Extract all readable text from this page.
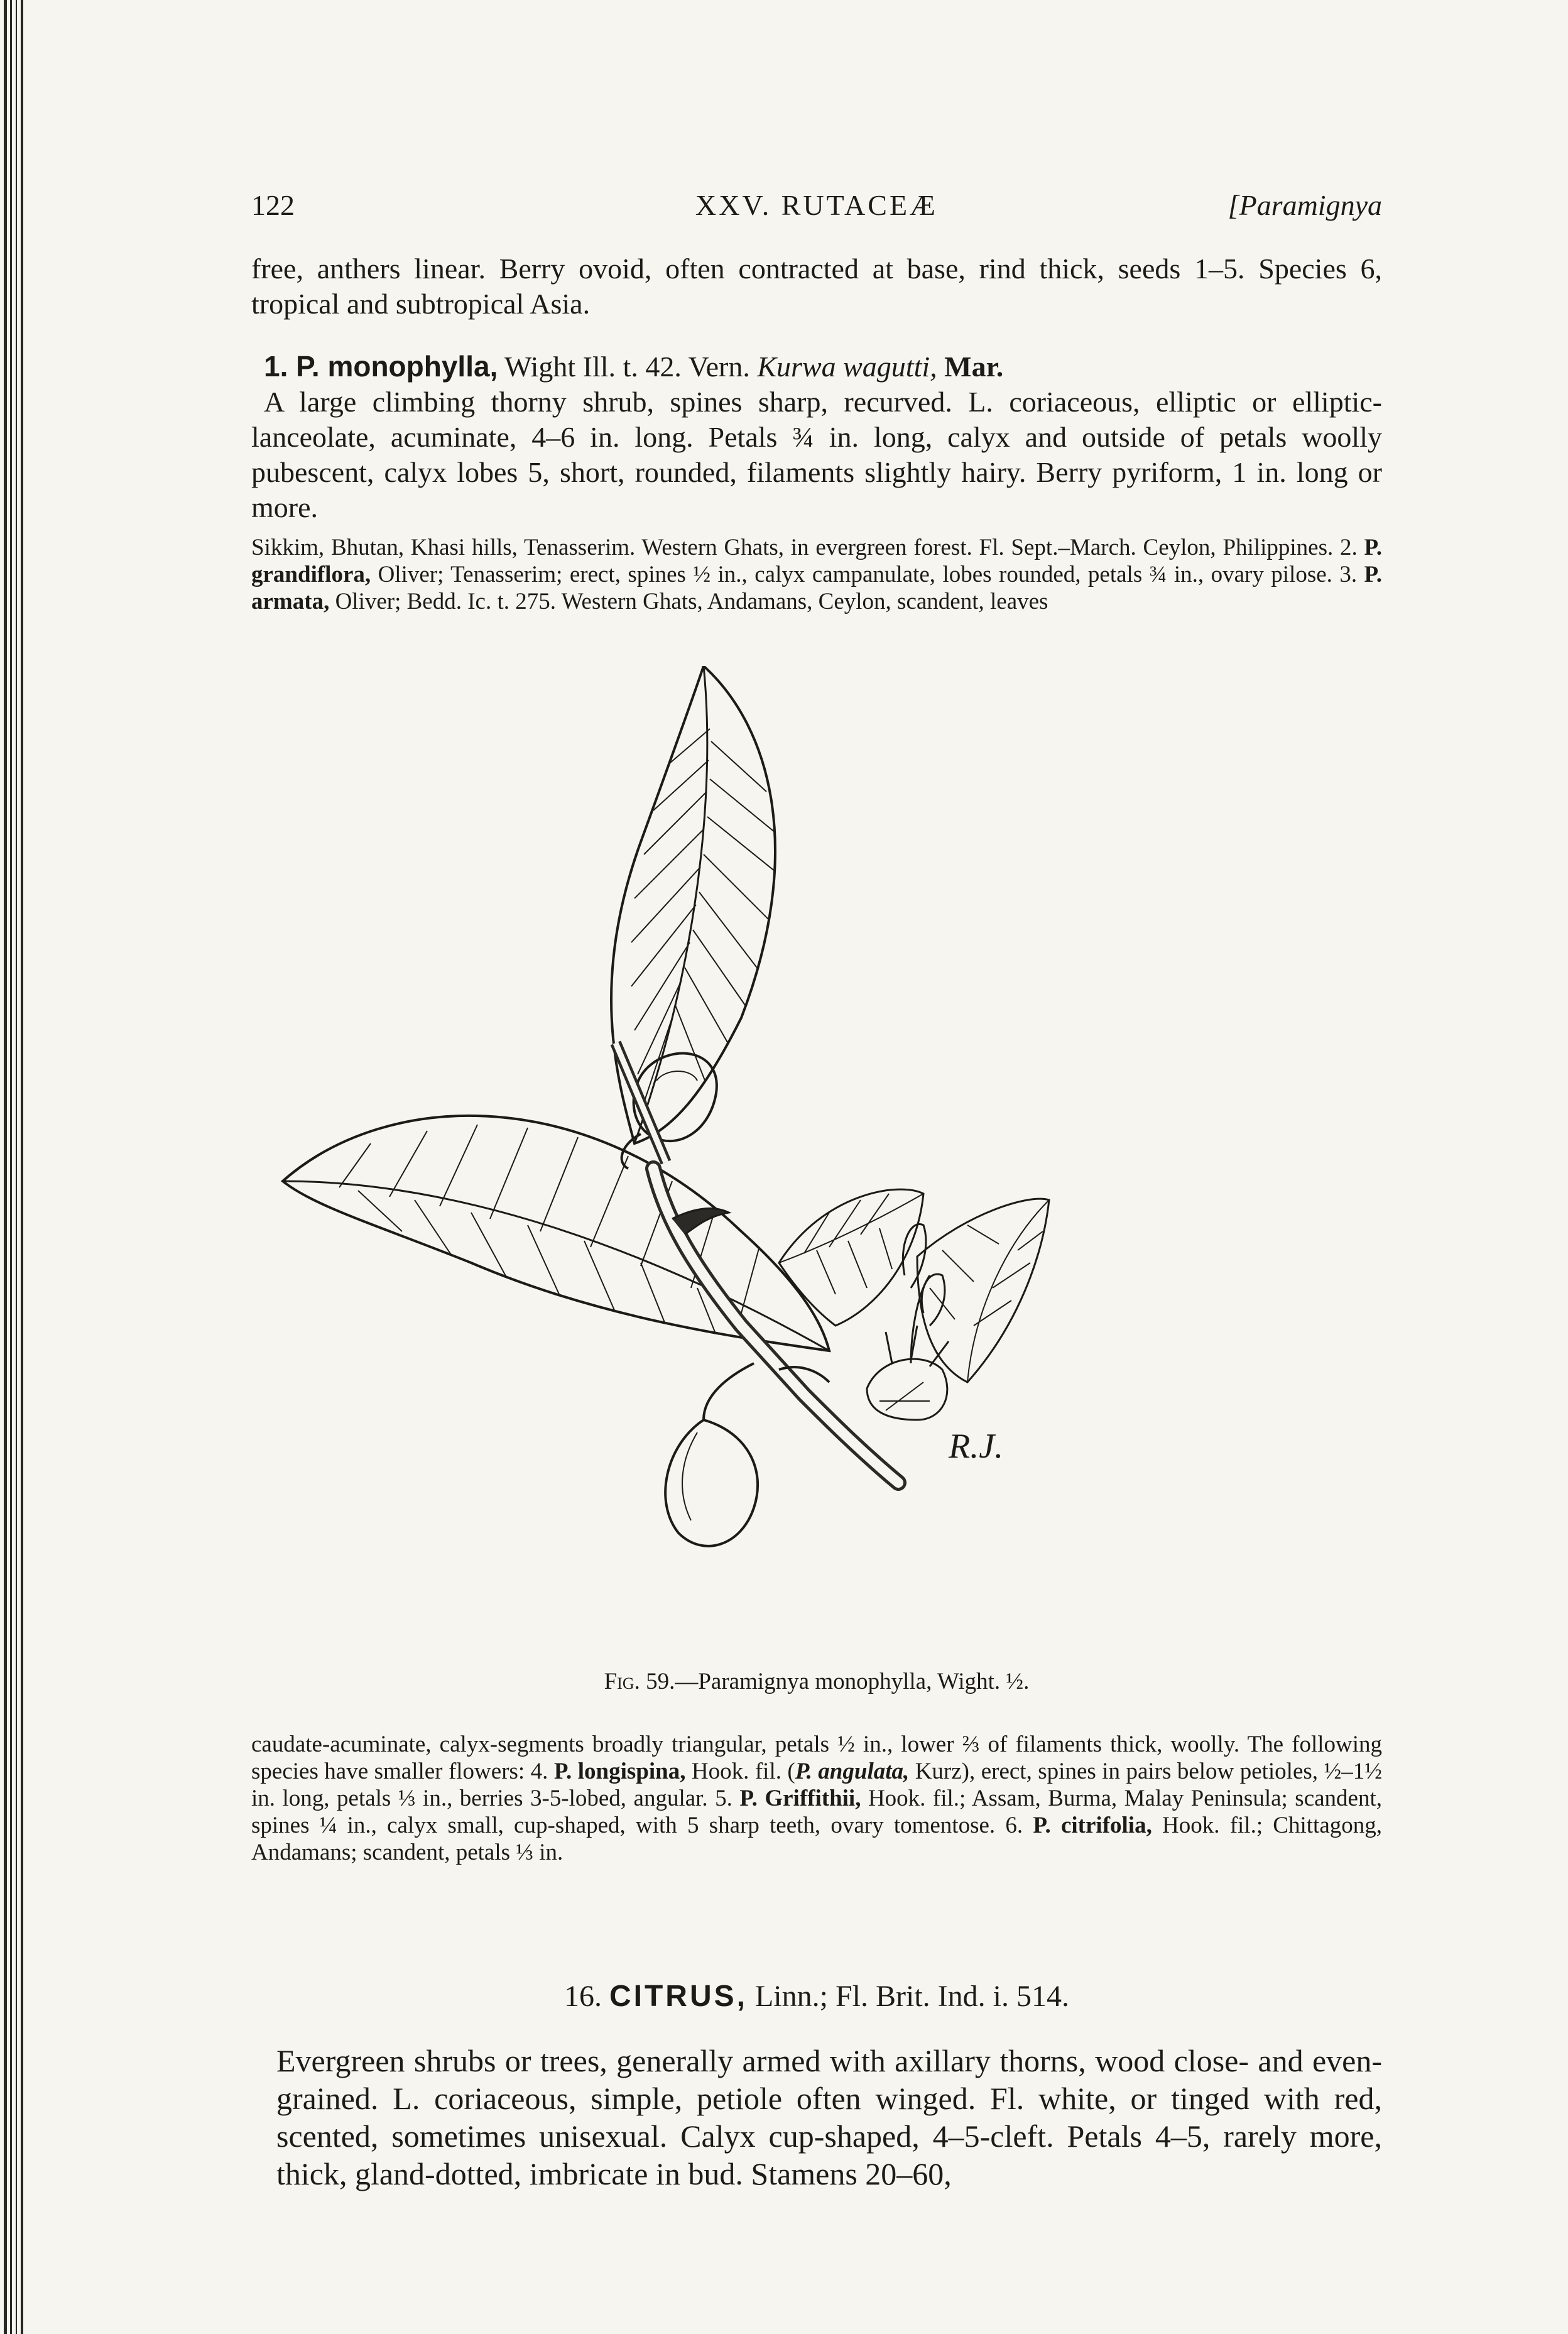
122	XXV. RUTACEÆ	[Paramignya

free, anthers linear. Berry ovoid, often contracted at base, rind thick, seeds 1–5. Species 6, tropical and subtropical Asia.

1. P. monophylla, Wight Ill. t. 42. Vern. Kurwa wagutti, Mar.
A large climbing thorny shrub, spines sharp, recurved. L. coriaceous, elliptic or elliptic-lanceolate, acuminate, 4–6 in. long. Petals ¾ in. long, calyx and outside of petals woolly pubescent, calyx lobes 5, short, rounded, filaments slightly hairy. Berry pyriform, 1 in. long or more.

Sikkim, Bhutan, Khasi hills, Tenasserim. Western Ghats, in evergreen forest. Fl. Sept.–March. Ceylon, Philippines. 2. P. grandiflora, Oliver; Tenasserim; erect, spines ½ in., calyx campanulate, lobes rounded, petals ¾ in., ovary pilose. 3. P. armata, Oliver; Bedd. Ic. t. 275. Western Ghats, Andamans, Ceylon, scandent, leaves

R.J.
Fig. 59.—Paramignya monophylla, Wight. ½.

caudate-acuminate, calyx-segments broadly triangular, petals ½ in., lower ⅔ of filaments thick, woolly. The following species have smaller flowers: 4. P. longispina, Hook. fil. (P. angulata, Kurz), erect, spines in pairs below petioles, ½–1½ in. long, petals ⅓ in., berries 3-5-lobed, angular. 5. P. Griffithii, Hook. fil.; Assam, Burma, Malay Peninsula; scandent, spines ¼ in., calyx small, cup-shaped, with 5 sharp teeth, ovary tomentose. 6. P. citrifolia, Hook. fil.; Chittagong, Andamans; scandent, petals ⅓ in.

16. CITRUS, Linn.; Fl. Brit. Ind. i. 514.

Evergreen shrubs or trees, generally armed with axillary thorns, wood close- and even-grained. L. coriaceous, simple, petiole often winged. Fl. white, or tinged with red, scented, sometimes unisexual. Calyx cup-shaped, 4–5-cleft. Petals 4–5, rarely more, thick, gland-dotted, imbricate in bud. Stamens 20–60,
